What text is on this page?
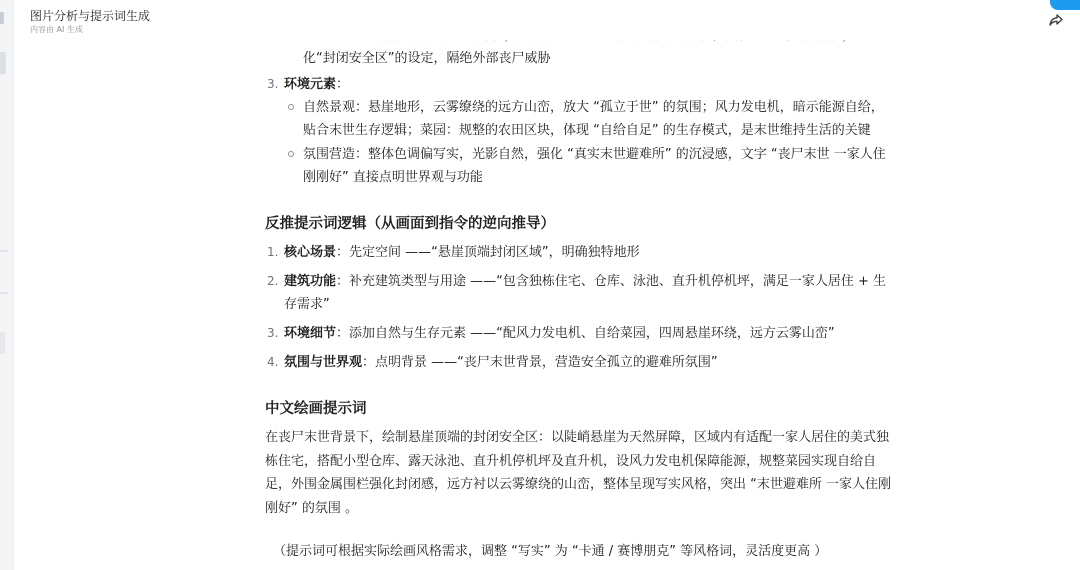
化“封闭安全区”的设定，隔绝外部丧尸威胁
3. 环境元素：
自然景观：悬崖地形，云雾缭绕的远方山峦，放大 “孤立于世” 的氛围；风力发电机，暗示能源自给，贴合末世生存逻辑；菜园：规整的农田区块，体现 “自给自足” 的生存模式，是末世维持生活的关键
氛围营造：整体色调偏写实，光影自然，强化 “真实末世避难所” 的沉浸感，文字 “丧尸末世 一家人住刚刚好” 直接点明世界观与功能
反推提示词逻辑（从画面到指令的逆向推导）
1. 核心场景：先定空间 ——“悬崖顶端封闭区域”，明确独特地形
2. 建筑功能：补充建筑类型与用途 ——“包含独栋住宅、仓库、泳池、直升机停机坪，满足一家人居住 + 生存需求”
3. 环境细节：添加自然与生存元素 ——“配风力发电机、自给菜园，四周悬崖环绕，远方云雾山峦”
4. 氛围与世界观：点明背景 ——“丧尸末世背景，营造安全孤立的避难所氛围”
中文绘画提示词

在丧尸末世背景下，绘制悬崖顶端的封闭安全区：以陡峭悬崖为天然屏障，区域内有适配一家人居住的美式独栋住宅，搭配小型仓库、露天泳池、直升机停机坪及直升机，设风力发电机保障能源，规整菜园实现自给自足，外围金属围栏强化封闭感，远方衬以云雾缭绕的山峦，整体呈现写实风格，突出 “末世避难所 一家人住刚刚好” 的氛围 。

（提示词可根据实际绘画风格需求，调整 “写实” 为 “卡通 / 赛博朋克” 等风格词，灵活度更高 ）

图片分析与提示词生成
内容由 AI 生成
